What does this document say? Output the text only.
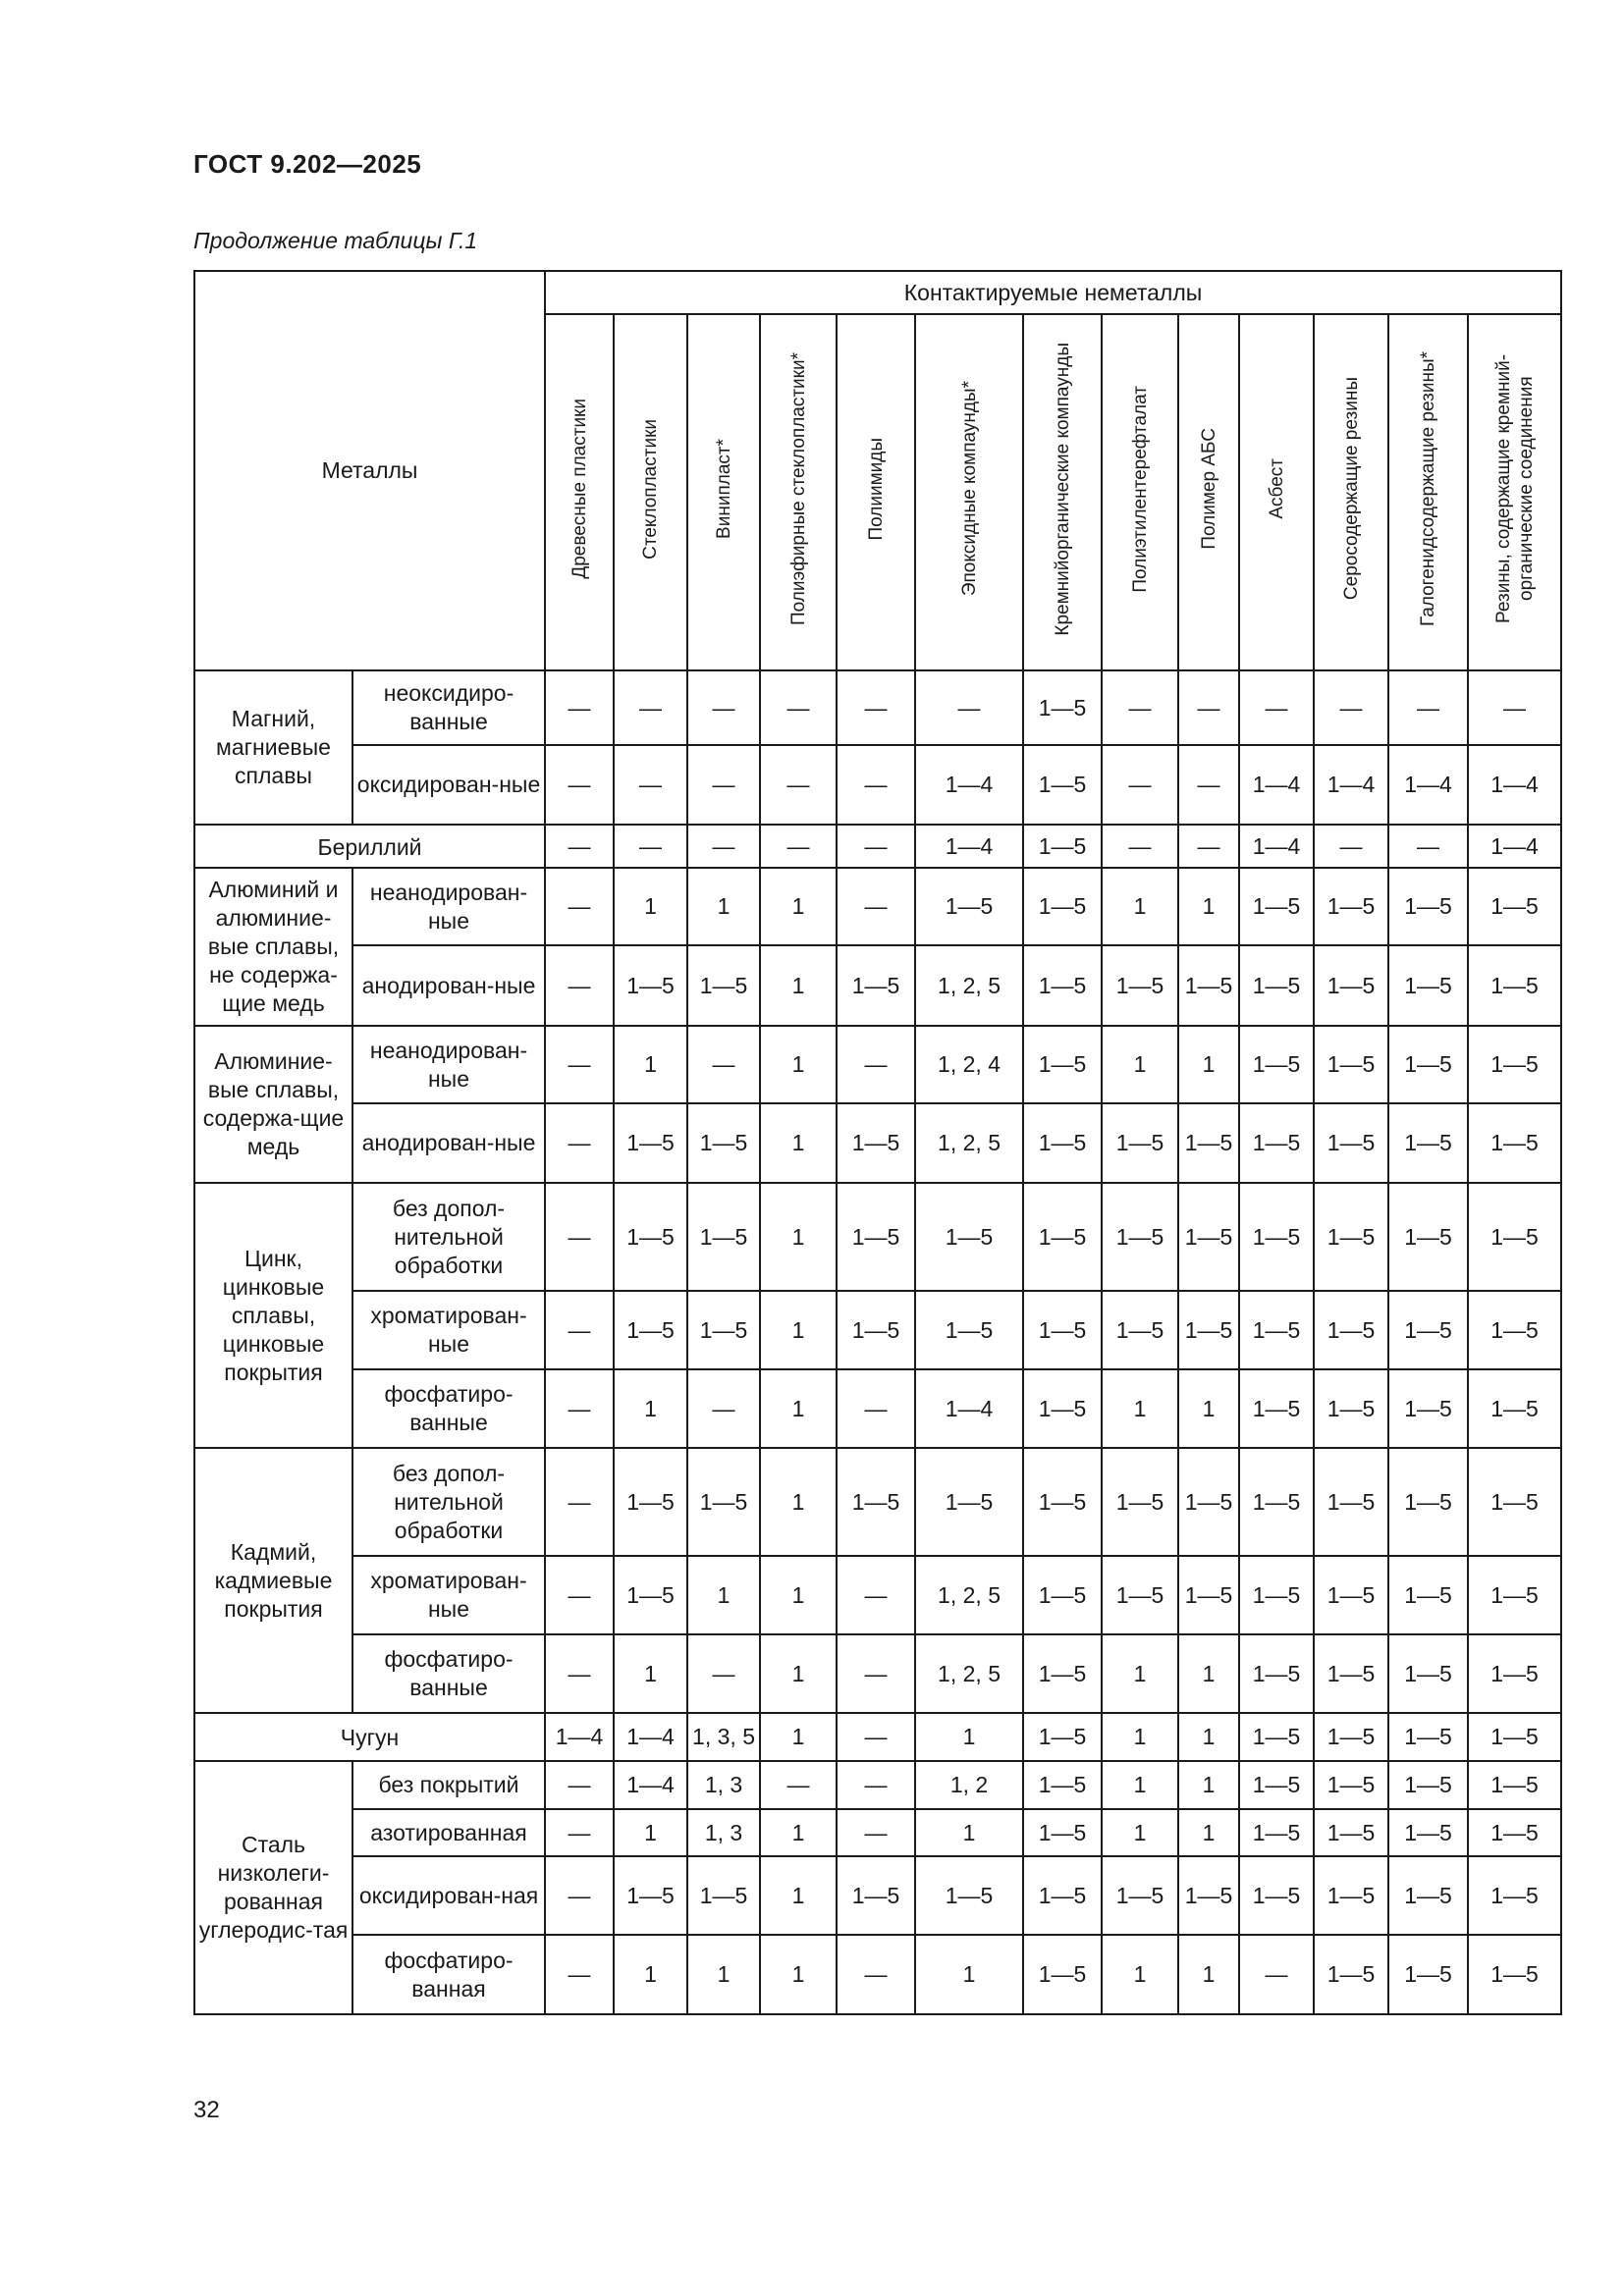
ГОСТ 9.202—2025
Продолжение таблицы Г.1
Металлы		Контактируемые неметаллы												
		Древесные пластики	Стеклопластики	Винипласт*	Полиэфирные стеклопластики*	Полиимиды	Эпоксидные компаунды*	Кремнийорганические компаунды	Полиэтилентерефталат	Полимер АБС	Асбест	Серосодержащие резины	Галогенидсодержащие резины*	Резины, содержащие кремний-органические соединения
Магний, магниевые сплавы	неоксидиро-ванные	—	—	—	—	—	—	1—5	—	—	—	—	—	—
	оксидирован-ные	—	—	—	—	—	1—4	1—5	—	—	1—4	1—4	1—4	1—4
Бериллий		—	—	—	—	—	1—4	1—5	—	—	1—4	—	—	1—4
Алюминий и алюминие-вые сплавы, не содержа-щие медь	неанодирован-ные	—	1	1	1	—	1—5	1—5	1	1	1—5	1—5	1—5	1—5
	анодирован-ные	—	1—5	1—5	1	1—5	1, 2, 5	1—5	1—5	1—5	1—5	1—5	1—5	1—5
Алюминие-вые сплавы, содержа-щие медь	неанодирован-ные	—	1	—	1	—	1, 2, 4	1—5	1	1	1—5	1—5	1—5	1—5
	анодирован-ные	—	1—5	1—5	1	1—5	1, 2, 5	1—5	1—5	1—5	1—5	1—5	1—5	1—5
Цинк, цинковые сплавы, цинковые покрытия	без допол-нительной обработки	—	1—5	1—5	1	1—5	1—5	1—5	1—5	1—5	1—5	1—5	1—5	1—5
	хроматирован-ные	—	1—5	1—5	1	1—5	1—5	1—5	1—5	1—5	1—5	1—5	1—5	1—5
	фосфатиро-ванные	—	1	—	1	—	1—4	1—5	1	1	1—5	1—5	1—5	1—5
Кадмий, кадмиевые покрытия	без допол-нительной обработки	—	1—5	1—5	1	1—5	1—5	1—5	1—5	1—5	1—5	1—5	1—5	1—5
	хроматирован-ные	—	1—5	1	1	—	1, 2, 5	1—5	1—5	1—5	1—5	1—5	1—5	1—5
	фосфатиро-ванные	—	1	—	1	—	1, 2, 5	1—5	1	1	1—5	1—5	1—5	1—5
Чугун		1—4	1—4	1, 3, 5	1	—	1	1—5	1	1	1—5	1—5	1—5	1—5
Сталь низколеги-рованная углеродис-тая	без покрытий	—	1—4	1, 3	—	—	1, 2	1—5	1	1	1—5	1—5	1—5	1—5
	азотированная	—	1	1, 3	1	—	1	1—5	1	1	1—5	1—5	1—5	1—5
	оксидирован-ная	—	1—5	1—5	1	1—5	1—5	1—5	1—5	1—5	1—5	1—5	1—5	1—5
	фосфатиро-ванная	—	1	1	1	—	1	1—5	1	1	—	1—5	1—5	1—5
32
